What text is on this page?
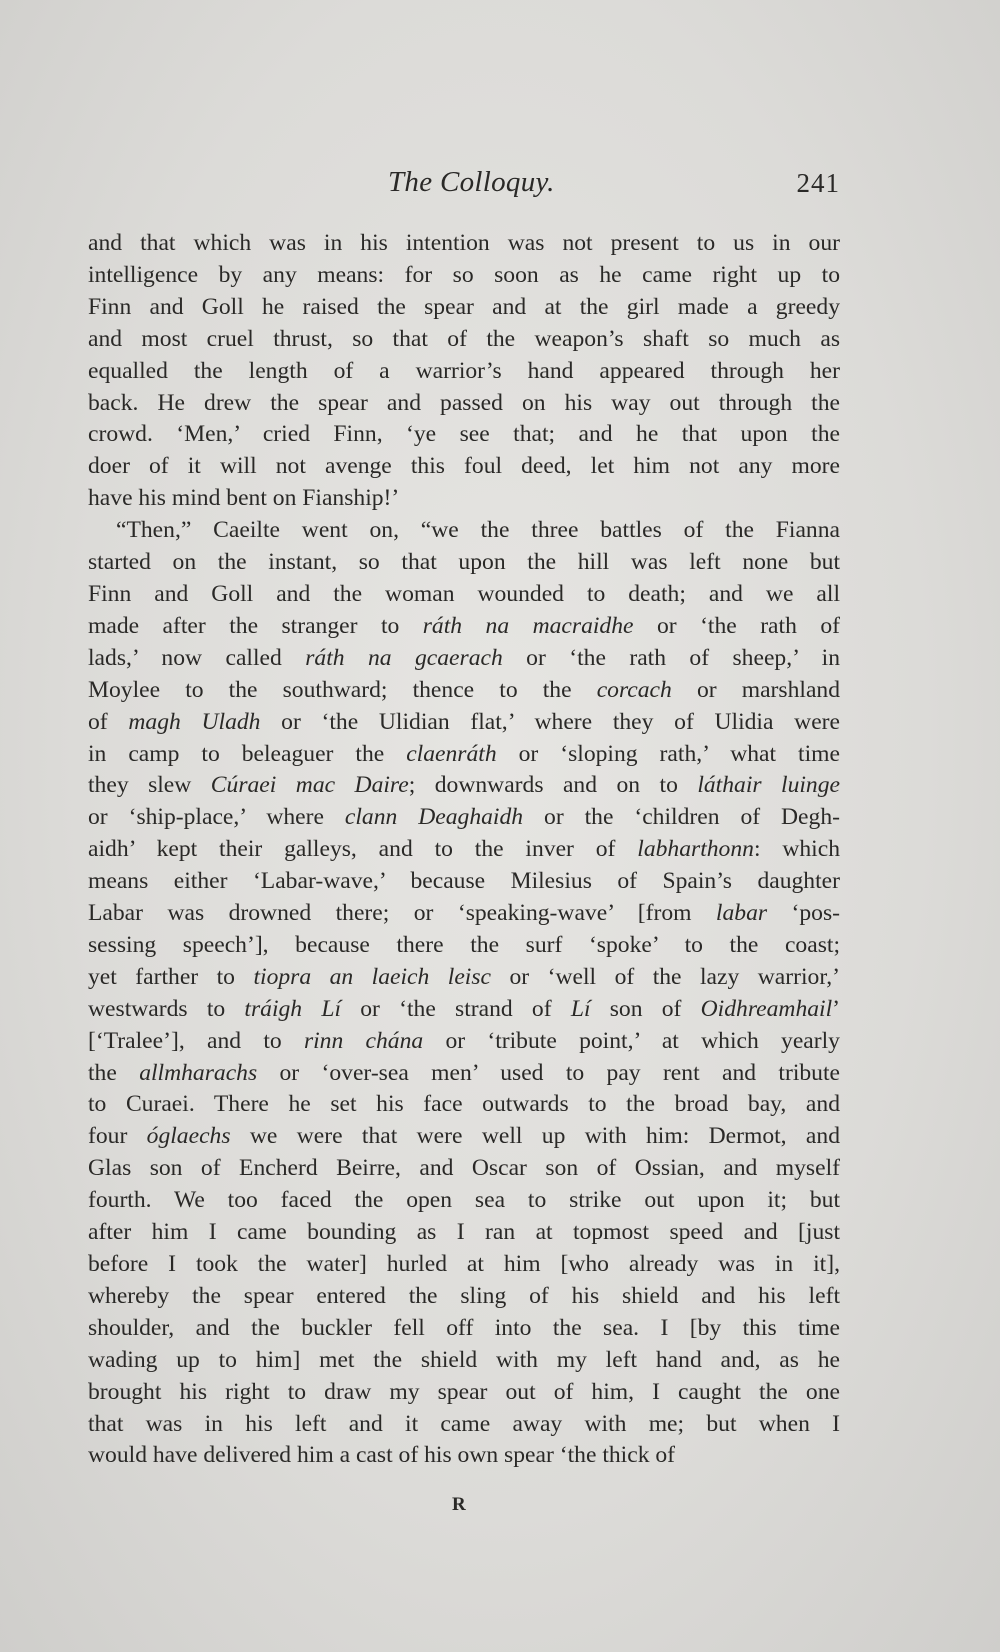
The Colloquy.	241
and that which was in his intention was not present to us in our
intelligence by any means: for so soon as he came right up to
Finn and Goll he raised the spear and at the girl made a greedy
and most cruel thrust, so that of the weapon’s shaft so much as
equalled the length of a warrior’s hand appeared through her
back. He drew the spear and passed on his way out through the
crowd. ‘Men,’ cried Finn, ‘ye see that; and he that upon the
doer of it will not avenge this foul deed, let him not any more
have his mind bent on Fianship!’
“Then,” Caeilte went on, “we the three battles of the Fianna
started on the instant, so that upon the hill was left none but
Finn and Goll and the woman wounded to death; and we all
made after the stranger to ráth na macraidhe or ‘the rath of
lads,’ now called ráth na gcaerach or ‘the rath of sheep,’ in
Moylee to the southward; thence to the corcach or marshland
of magh Uladh or ‘the Ulidian flat,’ where they of Ulidia were
in camp to beleaguer the claenráth or ‘sloping rath,’ what time
they slew Cúraei mac Daire; downwards and on to láthair luinge
or ‘ship-place,’ where clann Deaghaidh or the ‘children of Degh-
aidh’ kept their galleys, and to the inver of labharthonn: which
means either ‘Labar-wave,’ because Milesius of Spain’s daughter
Labar was drowned there; or ‘speaking-wave’ [from labar ‘pos-
sessing speech’], because there the surf ‘spoke’ to the coast;
yet farther to tiopra an laeich leisc or ‘well of the lazy warrior,’
westwards to tráigh Lí or ‘the strand of Lí son of Oidhreamhail’
[‘Tralee’], and to rinn chána or ‘tribute point,’ at which yearly
the allmharachs or ‘over-sea men’ used to pay rent and tribute
to Curaei. There he set his face outwards to the broad bay, and
four óglaechs we were that were well up with him: Dermot, and
Glas son of Encherd Beirre, and Oscar son of Ossian, and myself
fourth. We too faced the open sea to strike out upon it; but
after him I came bounding as I ran at topmost speed and [just
before I took the water] hurled at him [who already was in it],
whereby the spear entered the sling of his shield and his left
shoulder, and the buckler fell off into the sea. I [by this time
wading up to him] met the shield with my left hand and, as he
brought his right to draw my spear out of him, I caught the one
that was in his left and it came away with me; but when I
would have delivered him a cast of his own spear ‘the thick of
R
